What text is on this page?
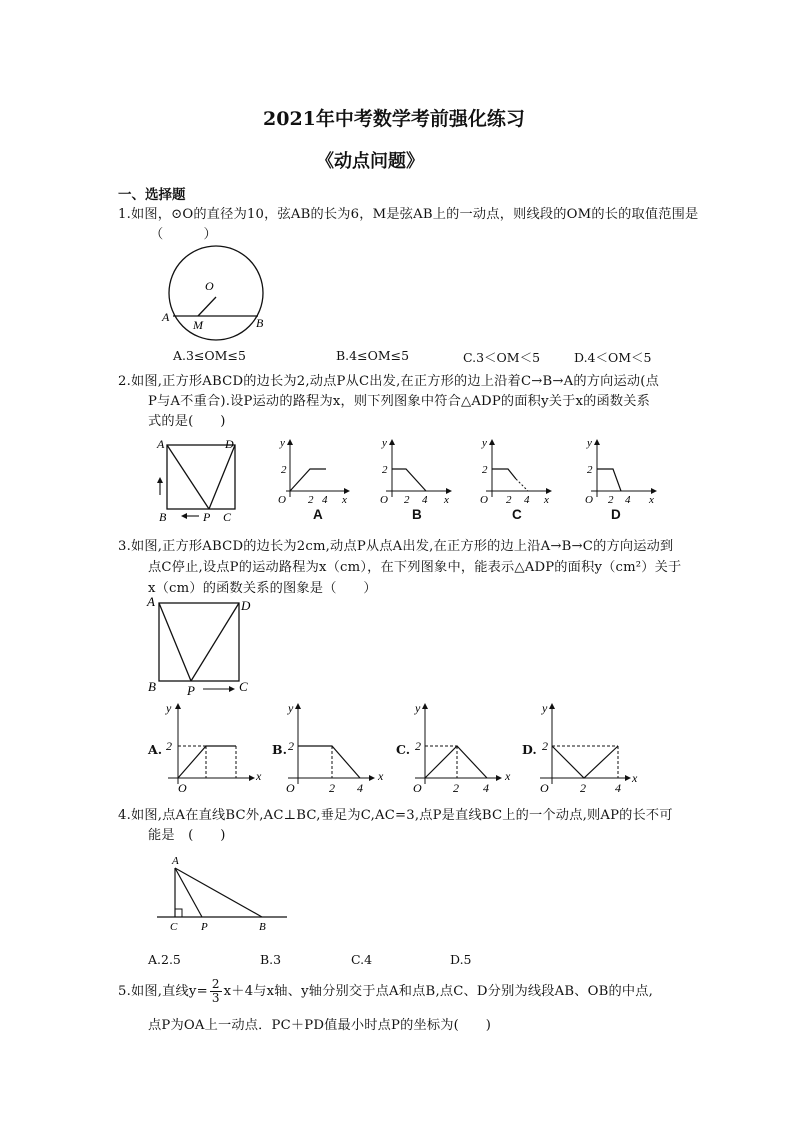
2021年中考数学考前强化练习
《动点问题》
一、选择题
1.如图，⊙O的直径为10，弦AB的长为6，M是弦AB上的一动点，则线段的OM的长的取值范围是
（　　　）
O
A
M	B
A.3≤OM≤5	B.4≤OM≤5	C.3＜OM＜5	D.4＜OM＜5
2.如图,正方形ABCD的边长为2,动点P从C出发,在正方形的边上沿着C→B→A的方向运动(点
P与A不重合).设P运动的路程为x，则下列图象中符合△ADP的面积y关于x的函数关系
式的是(　　)
A	D
B	P C
y
x
O
2
2 4
A
y
x
O
2
2 4
B
y
x
O
2
2 4
C
y
x
O
2
2 4
D
3.如图,正方形ABCD的边长为2cm,动点P从点A出发,在正方形的边上沿A→B→C的方向运动到
点C停止,设点P的运动路程为x（cm），在下列图象中，能表示△ADP的面积y（cm²）关于
x（cm）的函数关系的图象是（　　）
A	D
B P	C
y
x
O
2
A.
y
x
O
2
2 4
B.
y
x
O
2
2 4
C.
y
x
O
2
2 4
D.
4.如图,点A在直线BC外,AC⊥BC,垂足为C,AC=3,点P是直线BC上的一个动点,则AP的长不可
能是　(　　)
A
C P	B
A.2.5	B.3	C.4	D.5
5.如图,直线$y= \frac{2}{3} x+4$与x轴、y轴分别交于点A和点B,点C、D分别为线段AB、OB的中点,
点P为OA上一动点．PC＋PD值最小时点P的坐标为(　　)
